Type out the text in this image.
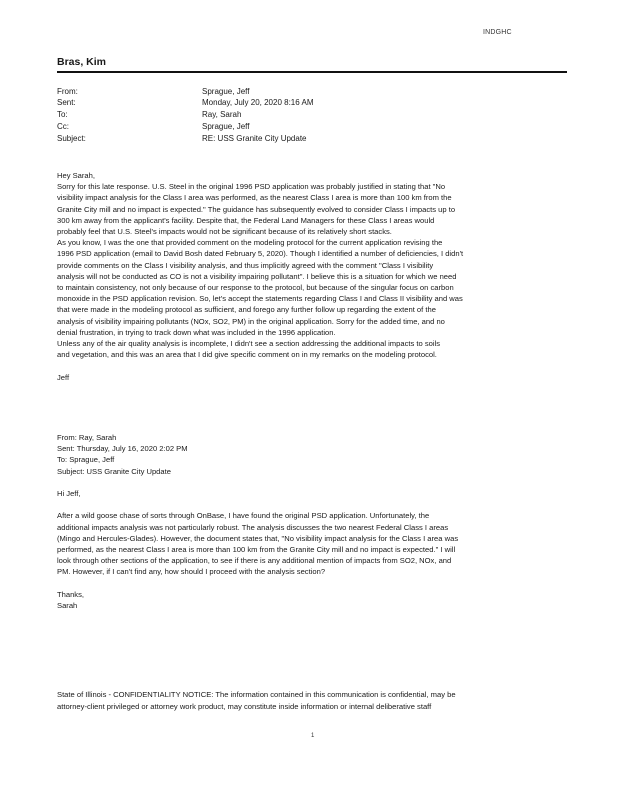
INDGHC
Bras, Kim
From:	Sprague, Jeff
Sent:	Monday, July 20, 2020 8:16 AM
To:	Ray, Sarah
Cc:	Sprague, Jeff
Subject:	RE: USS Granite City Update

Hey Sarah,

Sorry for this late response. U.S. Steel in the original 1996 PSD application was probably justified in stating that "No

visibility impact analysis for the Class I area was performed, as the nearest Class I area is more than 100 km from the

Granite City mill and no impact is expected." The guidance has subsequently evolved to consider Class I impacts up to

300 km away from the applicant's facility. Despite that, the Federal Land Managers for these Class I areas would

probably feel that U.S. Steel's impacts would not be significant because of its relatively short stacks.

As you know, I was the one that provided comment on the modeling protocol for the current application revising the

1996 PSD application (email to David Bosh dated February 5, 2020). Though I identified a number of deficiencies, I didn't

provide comments on the Class I visibility analysis, and thus implicitly agreed with the comment "Class I visibility

analysis will not be conducted as CO is not a visibility impairing pollutant". I believe this is a situation for which we need

to maintain consistency, not only because of our response to the protocol, but because of the singular focus on carbon

monoxide in the PSD application revision. So, let's accept the statements regarding Class I and Class II visibility and was

that were made in the modeling protocol as sufficient, and forego any further follow up regarding the extent of the

analysis of visibility impairing pollutants (NOx, SO2, PM) in the original application. Sorry for the added time, and no

denial frustration, in trying to track down what was included in the 1996 application.

Unless any of the air quality analysis is incomplete, I didn't see a section addressing the additional impacts to soils

and vegetation, and this was an area that I did give specific comment on in my remarks on the modeling protocol.

Jeff

From: Ray, Sarah

Sent: Thursday, July 16, 2020 2:02 PM

To: Sprague, Jeff

Subject: USS Granite City Update

Hi Jeff,

After a wild goose chase of sorts through OnBase, I have found the original PSD application. Unfortunately, the

additional impacts analysis was not particularly robust. The analysis discusses the two nearest Federal Class I areas

(Mingo and Hercules-Glades). However, the document states that, "No visibility impact analysis for the Class I area was

performed, as the nearest Class I area is more than 100 km from the Granite City mill and no impact is expected." I will

look through other sections of the application, to see if there is any additional mention of impacts from SO2, NOx, and

PM. However, if I can't find any, how should I proceed with the analysis section?

Thanks,

Sarah

State of Illinois - CONFIDENTIALITY NOTICE: The information contained in this communication is confidential, may be

attorney-client privileged or attorney work product, may constitute inside information or internal deliberative staff

1
